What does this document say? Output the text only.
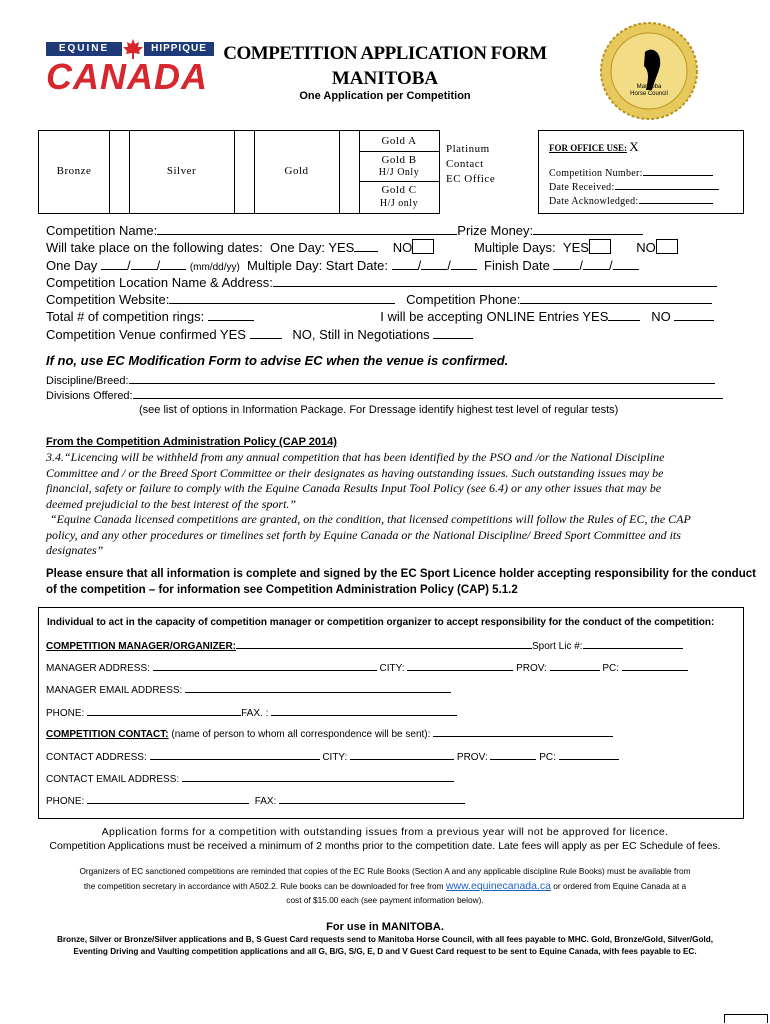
EQUINE	HIPPIQUE
CANADA
COMPETITION APPLICATION FORM
MANITOBA
One Application per Competition
Manitoba
Horse Council
Bronze	Silver	Gold
Gold A
Gold B
H/J Only
Gold C
H/J only
Platinum
Contact
EC Office
FOR OFFICE USE: X
Competition Number:
Date Received:
Date Acknowledged:
Competition Name:	Prize Money:
Will take place on the following dates: One Day: YES	NO	Multiple Days: YES	NO
One Day / /	(mm/dd/yy) Multiple Day: Start Date: / /	Finish Date / /
Competition Location Name & Address:
Competition Website:	Competition Phone:
Total # of competition rings:	I will be accepting ONLINE Entries YES	NO
Competition Venue confirmed YES	NO, Still in Negotiations
If no, use EC Modification Form to advise EC when the venue is confirmed.
Discipline/Breed:
Divisions Offered:
(see list of options in Information Package. For Dressage identify highest test level of regular tests)
From the Competition Administration Policy (CAP 2014)
3.4.“Licencing will be withheld from any annual competition that has been identified by the PSO and /or the National Discipline
Committee and / or the Breed Sport Committee or their designates as having outstanding issues. Such outstanding issues may be
financial, safety or failure to comply with the Equine Canada Results Input Tool Policy (see 6.4) or any other issues that may be
deemed prejudicial to the best interest of the sport.”
“Equine Canada licensed competitions are granted, on the condition, that licensed competitions will follow the Rules of EC, the CAP
policy, and any other procedures or timelines set forth by Equine Canada or the National Discipline/ Breed Sport Committee and its
designates”
Please ensure that all information is complete and signed by the EC Sport Licence holder accepting responsibility for the conduct
of the competition – for information see Competition Administration Policy (CAP) 5.1.2
Individual to act in the capacity of competition manager or competition organizer to accept responsibility for the conduct of the competition:
COMPETITION MANAGER/ORGANIZER:	Sport Lic #:
MANAGER ADDRESS:	CITY:	PROV:	PC:
MANAGER EMAIL ADDRESS:
PHONE:	FAX. :
COMPETITION CONTACT: (name of person to whom all correspondence will be sent):
CONTACT ADDRESS:	CITY:	PROV:	PC:
CONTACT EMAIL ADDRESS:
PHONE:	FAX:
Application forms for a competition with outstanding issues from a previous year will not be approved for licence.
Competition Applications must be received a minimum of 2 months prior to the competition date. Late fees will apply as per EC Schedule of fees.
Organizers of EC sanctioned competitions are reminded that copies of the EC Rule Books (Section A and any applicable discipline Rule Books) must be available from
the competition secretary in accordance with A502.2. Rule books can be downloaded for free from www.equinecanada.ca or ordered from Equine Canada at a
cost of $15.00 each (see payment information below).
For use in MANITOBA.
Bronze, Silver or Bronze/Silver applications and B, S Guest Card requests send to Manitoba Horse Council, with all fees payable to MHC. Gold, Bronze/Gold, Silver/Gold,
Eventing Driving and Vaulting competition applications and all G, B/G, S/G, E, D and V Guest Card request to be sent to Equine Canada, with fees payable to EC.
